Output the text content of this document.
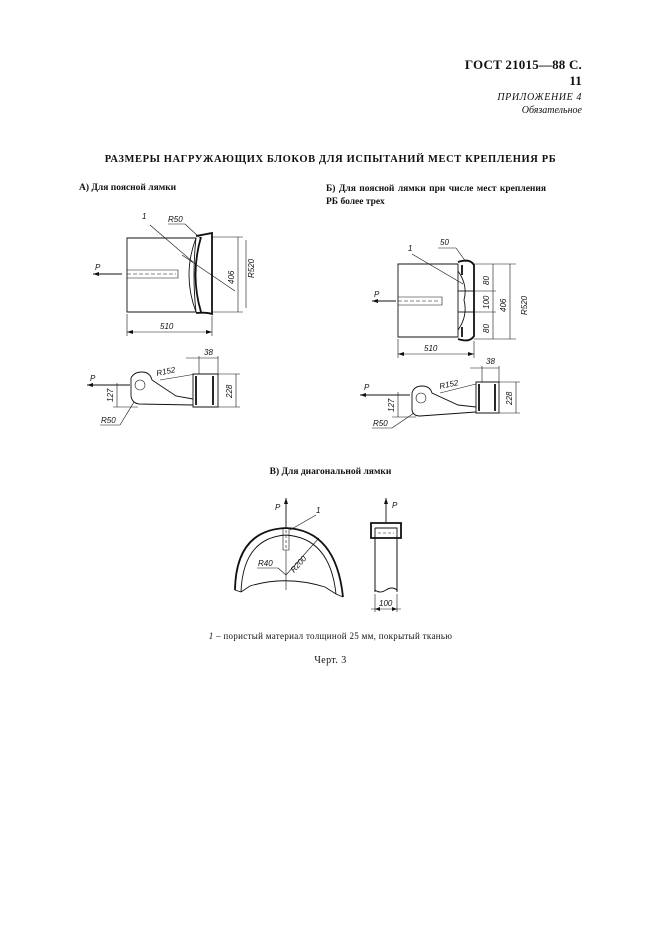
ГОСТ 21015—88 С. 11
ПРИЛОЖЕНИЕ 4
Обязательное
РАЗМЕРЫ НАГРУЖАЮЩИХ БЛОКОВ ДЛЯ ИСПЫТАНИЙ МЕСТ КРЕПЛЕНИЯ РБ
А) Для поясной лямки	Б) Для поясной лямки при числе мест крепления РБ более трех
В) Для диагональной лямки
1	R50
P	R520
406
510
P
R152
38
228
127
R50
1
50
P
80
100
80
R520
406
510
P	R152
38
228
127
R50
P	1
R40 R200
P
100
1 – пористый материал толщиной 25 мм, покрытый тканью
Черт. 3
